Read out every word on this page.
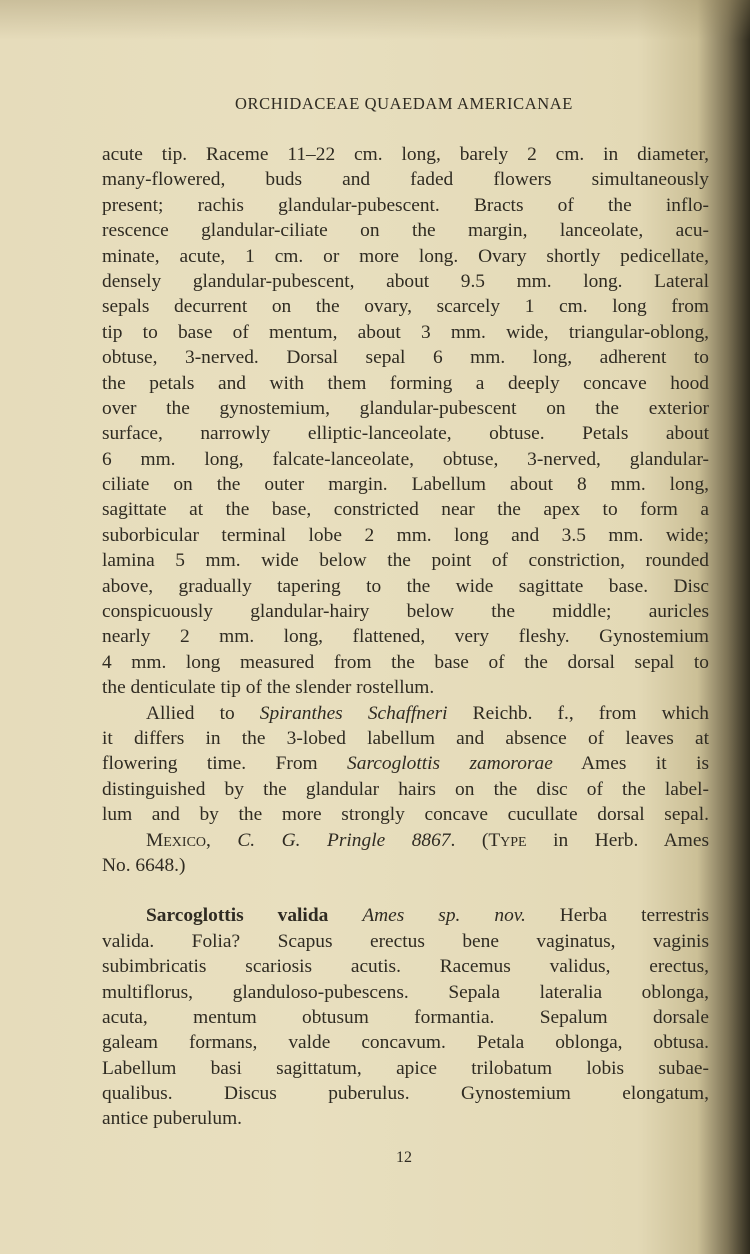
ORCHIDACEAE QUAEDAM AMERICANAE
acute tip. Raceme 11–22 cm. long, barely 2 cm. in diameter,
many-flowered, buds and faded flowers simultaneously
present; rachis glandular-pubescent. Bracts of the inflo-
rescence glandular-ciliate on the margin, lanceolate, acu-
minate, acute, 1 cm. or more long. Ovary shortly pedicellate,
densely glandular-pubescent, about 9.5 mm. long. Lateral
sepals decurrent on the ovary, scarcely 1 cm. long from
tip to base of mentum, about 3 mm. wide, triangular-oblong,
obtuse, 3-nerved. Dorsal sepal 6 mm. long, adherent to
the petals and with them forming a deeply concave hood
over the gynostemium, glandular-pubescent on the exterior
surface, narrowly elliptic-lanceolate, obtuse. Petals about
6 mm. long, falcate-lanceolate, obtuse, 3-nerved, glandular-
ciliate on the outer margin. Labellum about 8 mm. long,
sagittate at the base, constricted near the apex to form a
suborbicular terminal lobe 2 mm. long and 3.5 mm. wide;
lamina 5 mm. wide below the point of constriction, rounded
above, gradually tapering to the wide sagittate base. Disc
conspicuously glandular-hairy below the middle; auricles
nearly 2 mm. long, flattened, very fleshy. Gynostemium
4 mm. long measured from the base of the dorsal sepal to
the denticulate tip of the slender rostellum.
Allied to Spiranthes Schaffneri Reichb. f., from which
it differs in the 3-lobed labellum and absence of leaves at
flowering time. From Sarcoglottis zamororae Ames it is
distinguished by the glandular hairs on the disc of the label-
lum and by the more strongly concave cucullate dorsal sepal.
Mexico, C. G. Pringle 8867. (Type in Herb. Ames
No. 6648.)
Sarcoglottis valida Ames sp. nov. Herba terrestris
valida. Folia? Scapus erectus bene vaginatus, vaginis
subimbricatis scariosis acutis. Racemus validus, erectus,
multiflorus, glanduloso-pubescens. Sepala lateralia oblonga,
acuta, mentum obtusum formantia. Sepalum dorsale
galeam formans, valde concavum. Petala oblonga, obtusa.
Labellum basi sagittatum, apice trilobatum lobis subae-
qualibus. Discus puberulus. Gynostemium elongatum,
antice puberulum.
12
